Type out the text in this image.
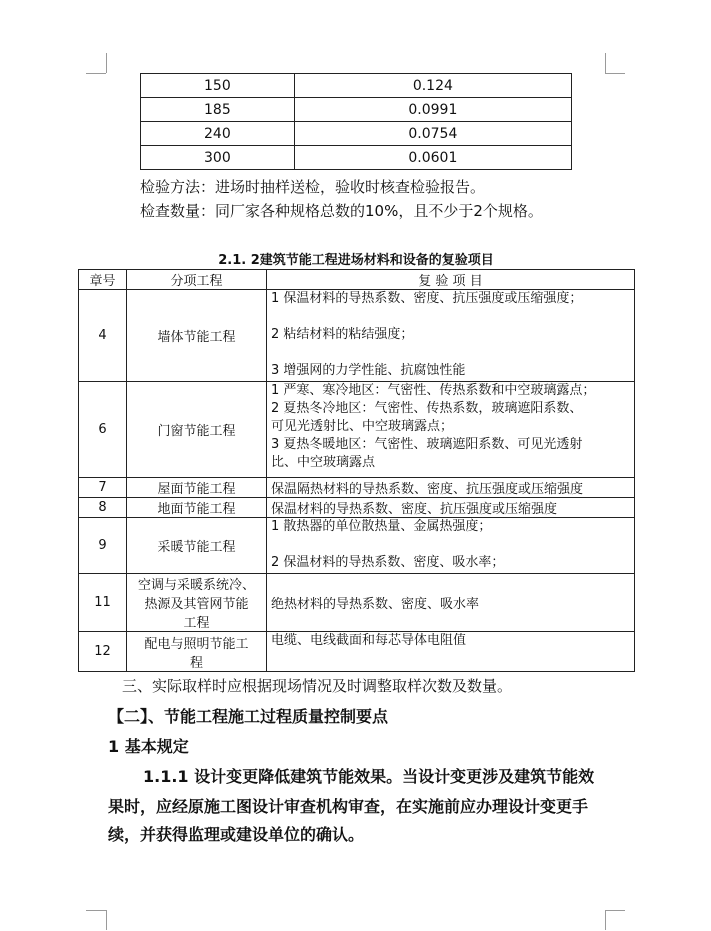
150	0.124
185	0.0991
240	0.0754
300	0.0601
检验方法：进场时抽样送检，验收时核查检验报告。
检查数量：同厂家各种规格总数的10%，且不少于2个规格。
2.1. 2建筑节能工程进场材料和设备的复验项目
章号	分项工程	复 验 项 目
4	墙体节能工程	1 保温材料的导热系数、密度、抗压强度或压缩强度；

2 粘结材料的粘结强度；

3 增强网的力学性能、抗腐蚀性能

6	门窗节能工程	1 严寒、寒冷地区：气密性、传热系数和中空玻璃露点；
2 夏热冬冷地区：气密性、传热系数，玻璃遮阳系数、
可见光透射比、中空玻璃露点；
3 夏热冬暖地区：气密性、玻璃遮阳系数、可见光透射
比、中空玻璃露点

7	屋面节能工程	保温隔热材料的导热系数、密度、抗压强度或压缩强度

8	地面节能工程	保温材料的导热系数、密度、抗压强度或压缩强度

9	采暖节能工程	1 散热器的单位散热量、金属热强度；

2 保温材料的导热系数、密度、吸水率；

11	空调与采暖系统冷、
热源及其管网节能
工程	绝热材料的导热系数、密度、吸水率

12	配电与照明节能工
程	电缆、电线截面和每芯导体电阻值
三、实际取样时应根据现场情况及时调整取样次数及数量。
【二】、节能工程施工过程质量控制要点
1 基本规定
1.1.1 设计变更降低建筑节能效果。当设计变更涉及建筑节能效
果时，应经原施工图设计审查机构审查，在实施前应办理设计变更手
续，并获得监理或建设单位的确认。
